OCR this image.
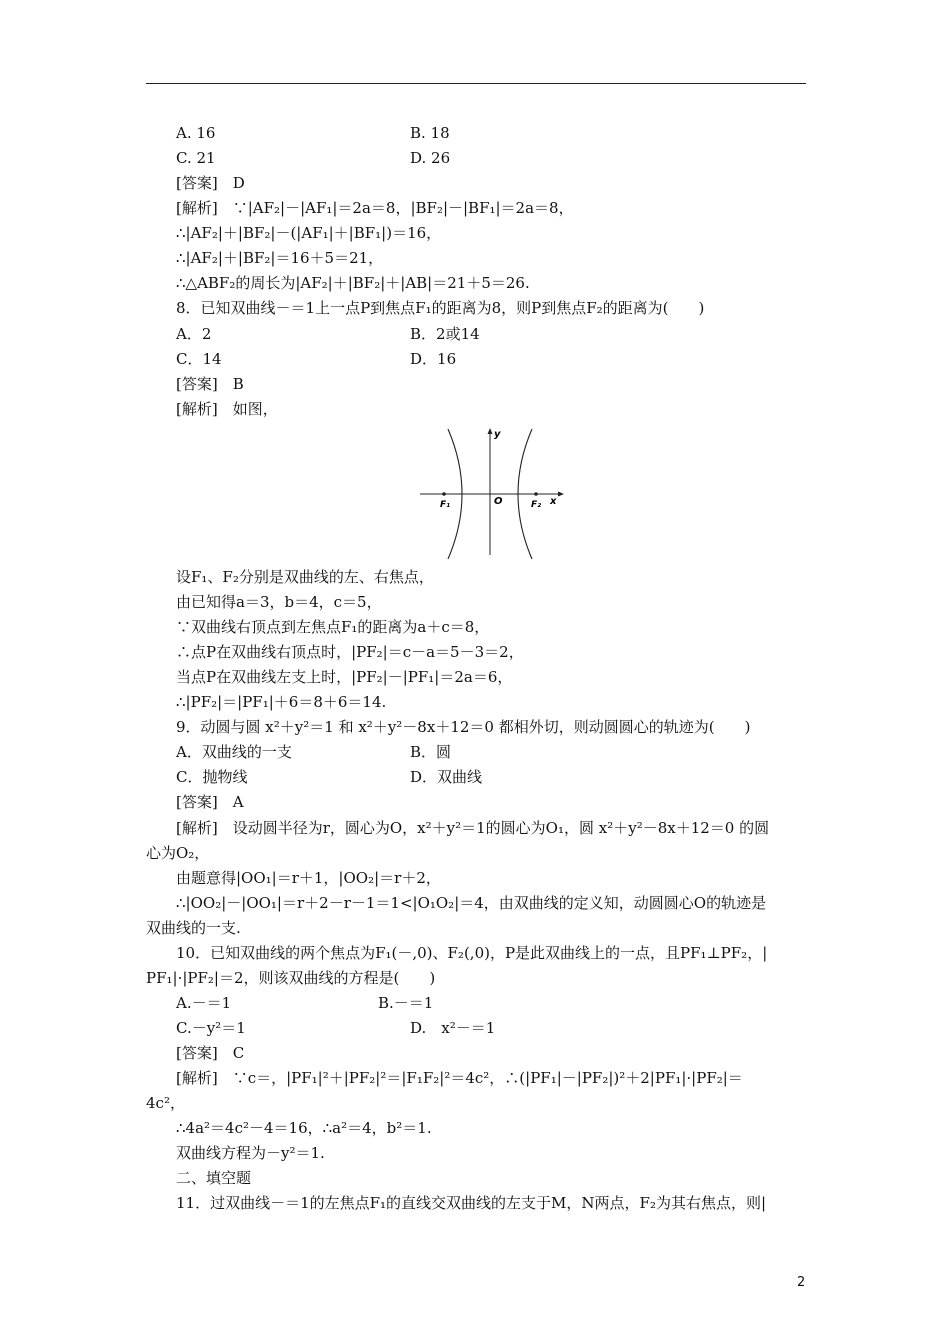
A. 16	B. 18
C. 21	D. 26
[答案]　D
[解析]　∵|AF₂|－|AF₁|＝2a＝8，|BF₂|－|BF₁|＝2a＝8，
∴|AF₂|＋|BF₂|－(|AF₁|＋|BF₁|)＝16，
∴|AF₂|＋|BF₂|＝16＋5＝21，
∴△ABF₂的周长为|AF₂|＋|BF₂|＋|AB|＝21＋5＝26.
8．已知双曲线－＝1上一点P到焦点F₁的距离为8，则P到焦点F₂的距离为(　　)
A．2	B．2或14
C．14	D．16
[答案]　B
[解析]　如图，
y
x
O
F₁	F₂
设F₁、F₂分别是双曲线的左、右焦点，
由已知得a＝3，b＝4，c＝5，
∵双曲线右顶点到左焦点F₁的距离为a＋c＝8，
∴点P在双曲线右顶点时，|PF₂|＝c－a＝5－3＝2，
当点P在双曲线左支上时，|PF₂|－|PF₁|＝2a＝6，
∴|PF₂|＝|PF₁|＋6＝8＋6＝14.
9．动圆与圆 x²＋y²＝1 和 x²＋y²－8x＋12＝0 都相外切，则动圆圆心的轨迹为(　　)
A．双曲线的一支	B．圆
C．抛物线	D．双曲线
[答案]　A
[解析]　设动圆半径为r，圆心为O，x²＋y²＝1的圆心为O₁，圆 x²＋y²－8x＋12＝0 的圆
心为O₂，
由题意得|OO₁|＝r＋1，|OO₂|＝r＋2，
∴|OO₂|－|OO₁|＝r＋2－r－1＝1<|O₁O₂|＝4，由双曲线的定义知，动圆圆心O的轨迹是
双曲线的一支.
10．已知双曲线的两个焦点为F₁(－,0)、F₂(,0)，P是此双曲线上的一点，且PF₁⊥PF₂，|
PF₁|·|PF₂|＝2，则该双曲线的方程是(　　)
A.－＝1	B.－＝1
C.－y²＝1	D.　x²－＝1
[答案]　C
[解析]　∵c＝，|PF₁|²＋|PF₂|²＝|F₁F₂|²＝4c²，∴(|PF₁|－|PF₂|)²＋2|PF₁|·|PF₂|＝
4c²，
∴4a²＝4c²－4＝16，∴a²＝4，b²＝1.
双曲线方程为－y²＝1.
二、填空题
11．过双曲线－＝1的左焦点F₁的直线交双曲线的左支于M，N两点，F₂为其右焦点，则|
2
